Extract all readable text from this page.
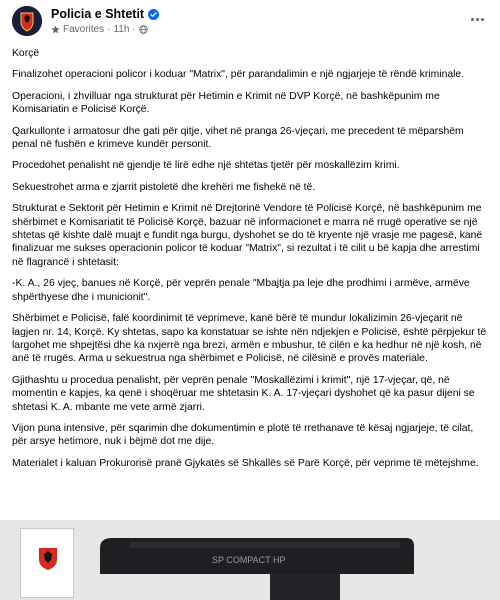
Policia e Shtetit
Favorites · 11h ·

Korçë

Finalizohet operacioni policor i koduar "Matrix", për parandalimin e një ngjarjeje të rëndë kriminale.

Operacioni, i zhvilluar nga strukturat për Hetimin e Krimit në DVP Korçë, në bashkëpunim me Komisariatin e Policisë Korçë.

Qarkullonte i armatosur dhe gati për qitje, vihet në pranga 26-vjeçari, me precedent të mëparshëm penal në fushën e krimeve kundër personit.

Procedohet penalisht në gjendje të lirë edhe një shtetas tjetër për moskallëzim krimi.

Sekuestrohet arma e zjarrit pistoletë dhe krehëri me fishekë në të.

Strukturat e Sektorit për Hetimin e Krimit në Drejtorinë Vendore të Policisë Korçë, në bashkëpunim me shërbimet e Komisariatit të Policisë Korçë, bazuar në informacionet e marra në rrugë operative se një shtetas që kishte dalë muajt e fundit nga burgu, dyshohet se do të kryente një vrasje me pagesë, kanë finalizuar me sukses operacionin policor të koduar "Matrix", si rezultat i të cilit u bë kapja dhe arrestimi në flagrancë i shtetasit:

-K. A., 26 vjeç, banues në Korçë, për veprën penale "Mbajtja pa leje dhe prodhimi i armëve, armëve shpërthyese dhe i municionit".

Shërbimet e Policisë, falë koordinimit të veprimeve, kanë bërë të mundur lokalizimin 26-vjeçarit në lagjen nr. 14, Korçë. Ky shtetas, sapo ka konstatuar se ishte nën ndjekjen e Policisë, është përpjekur të largohet me shpejtësi dhe ka nxjerrë nga brezi, armën e mbushur, të cilën e ka hedhur në një kosh, në anë të rrugës. Arma u sekuestrua nga shërbimet e Policisë, në cilësinë e provës materiale.

Gjithashtu u procedua penalisht, për veprën penale "Moskallëzimi i krimit", një 17-vjeçar, që, në momentin e kapjes, ka qenë i shoqëruar me shtetasin K. A. 17-vjeçari dyshohet që ka pasur dijeni se shtetasi K. A. mbante me vete armë zjarri.

Vijon puna intensive, për sqarimin dhe dokumentimin e plotë të rrethanave të kësaj ngjarjeje, të cilat, për arsye hetimore, nuk i bëjmë dot me dije.

Materialet i kaluan Prokurorisë pranë Gjykatës së Shkallës së Parë Korçë, për veprime të mëtejshme.

SP COMPACT HP
